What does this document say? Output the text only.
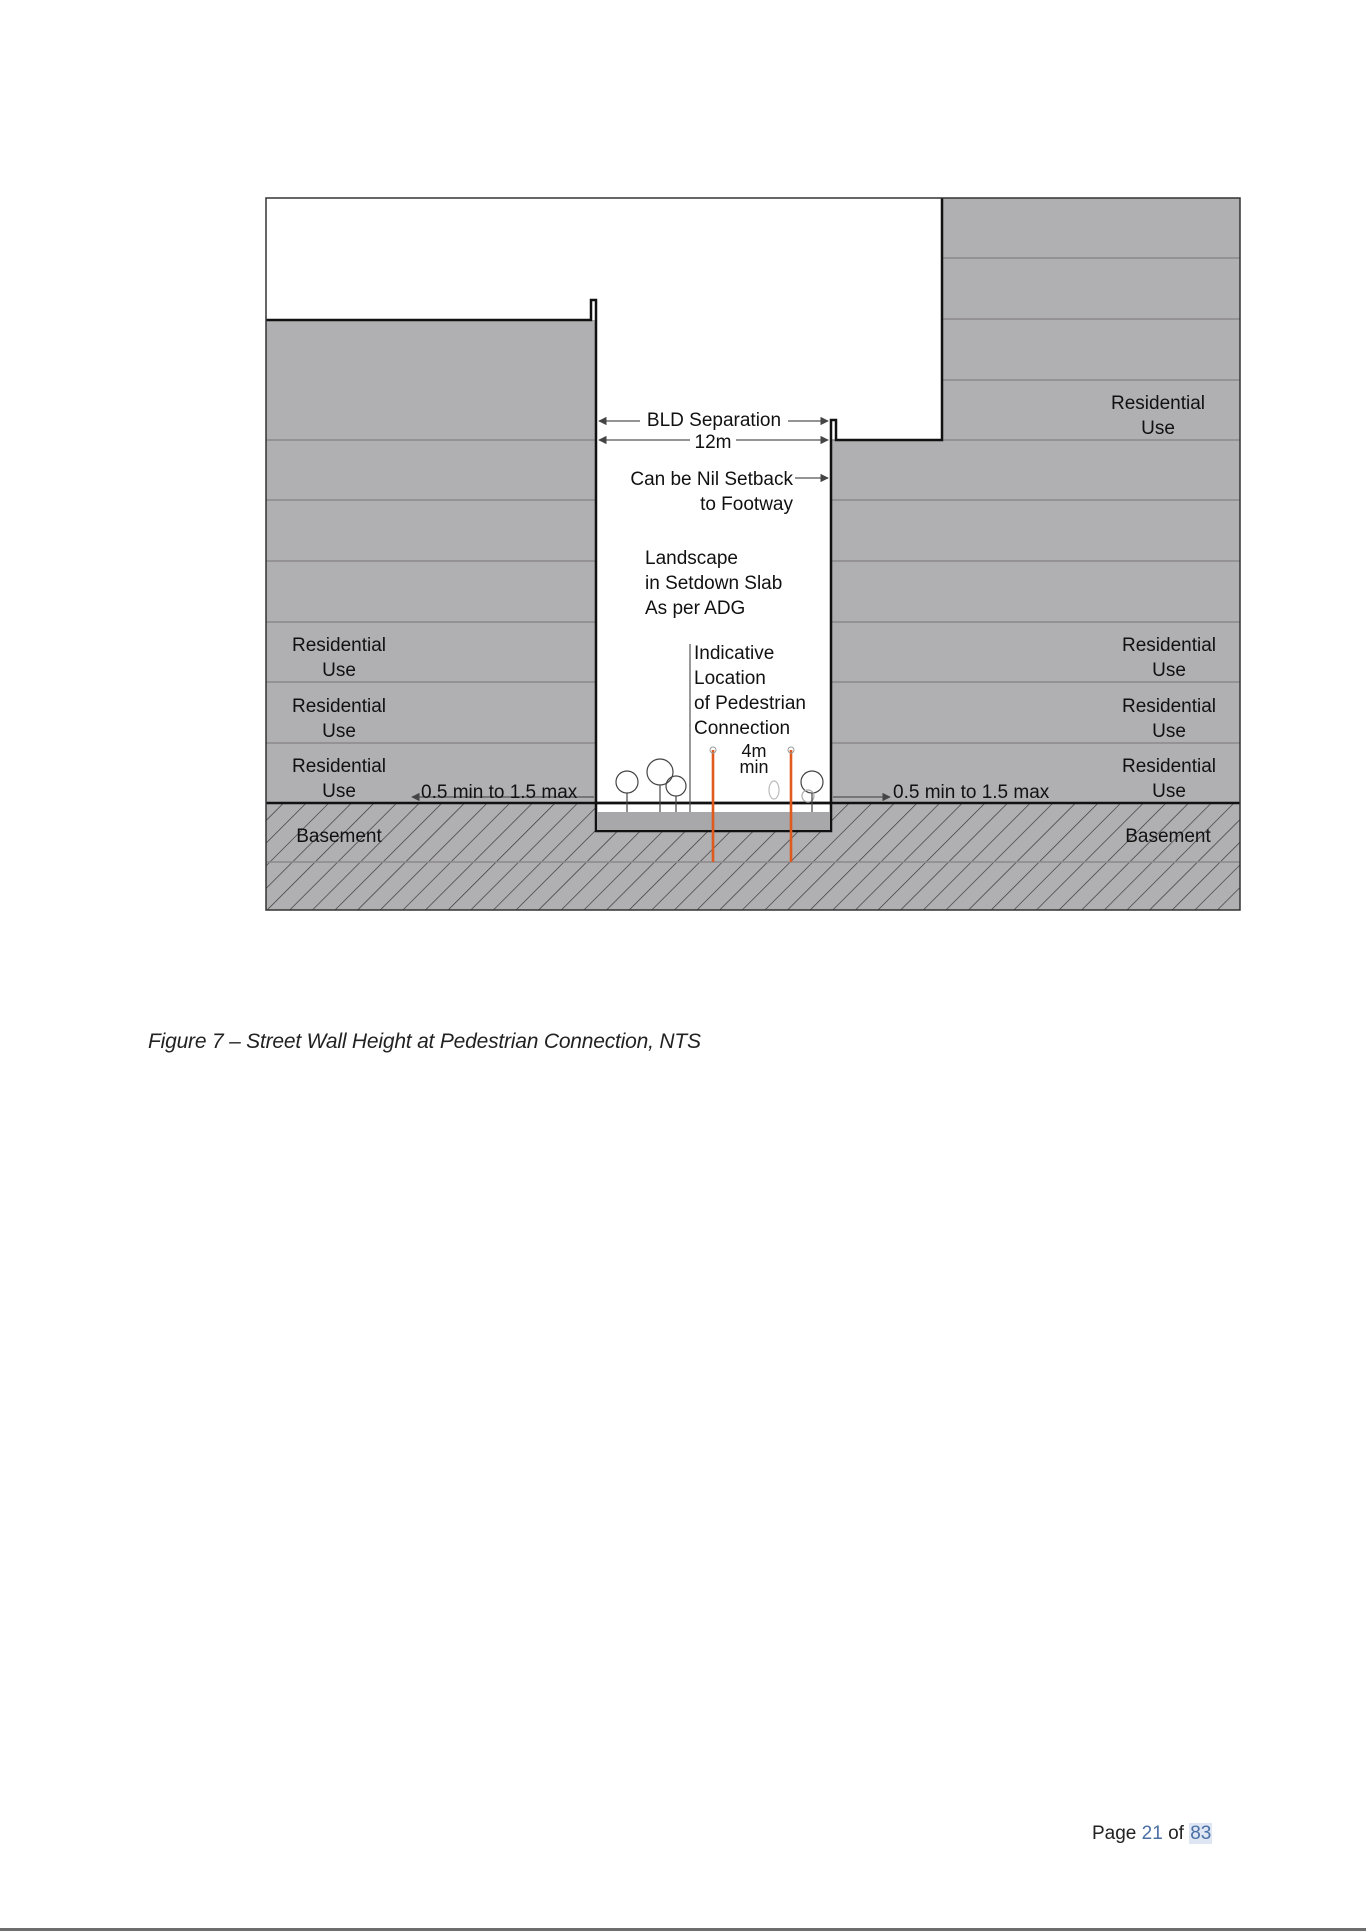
Residential
Use
Residential
Use
Residential
Use
Residential
Use
Residential
Use
Residential
Use
Residential
Use
Basement	Basement
BLD Separation
12m
Can be Nil Setback
to Footway
Landscape
in Setdown Slab
As per ADG
Indicative
Location
of Pedestrian
Connection
4m
min
0.5 min to 1.5 max	0.5 min to 1.5 max
Figure 7 – Street Wall Height at Pedestrian Connection, NTS
Page 21 of 83
